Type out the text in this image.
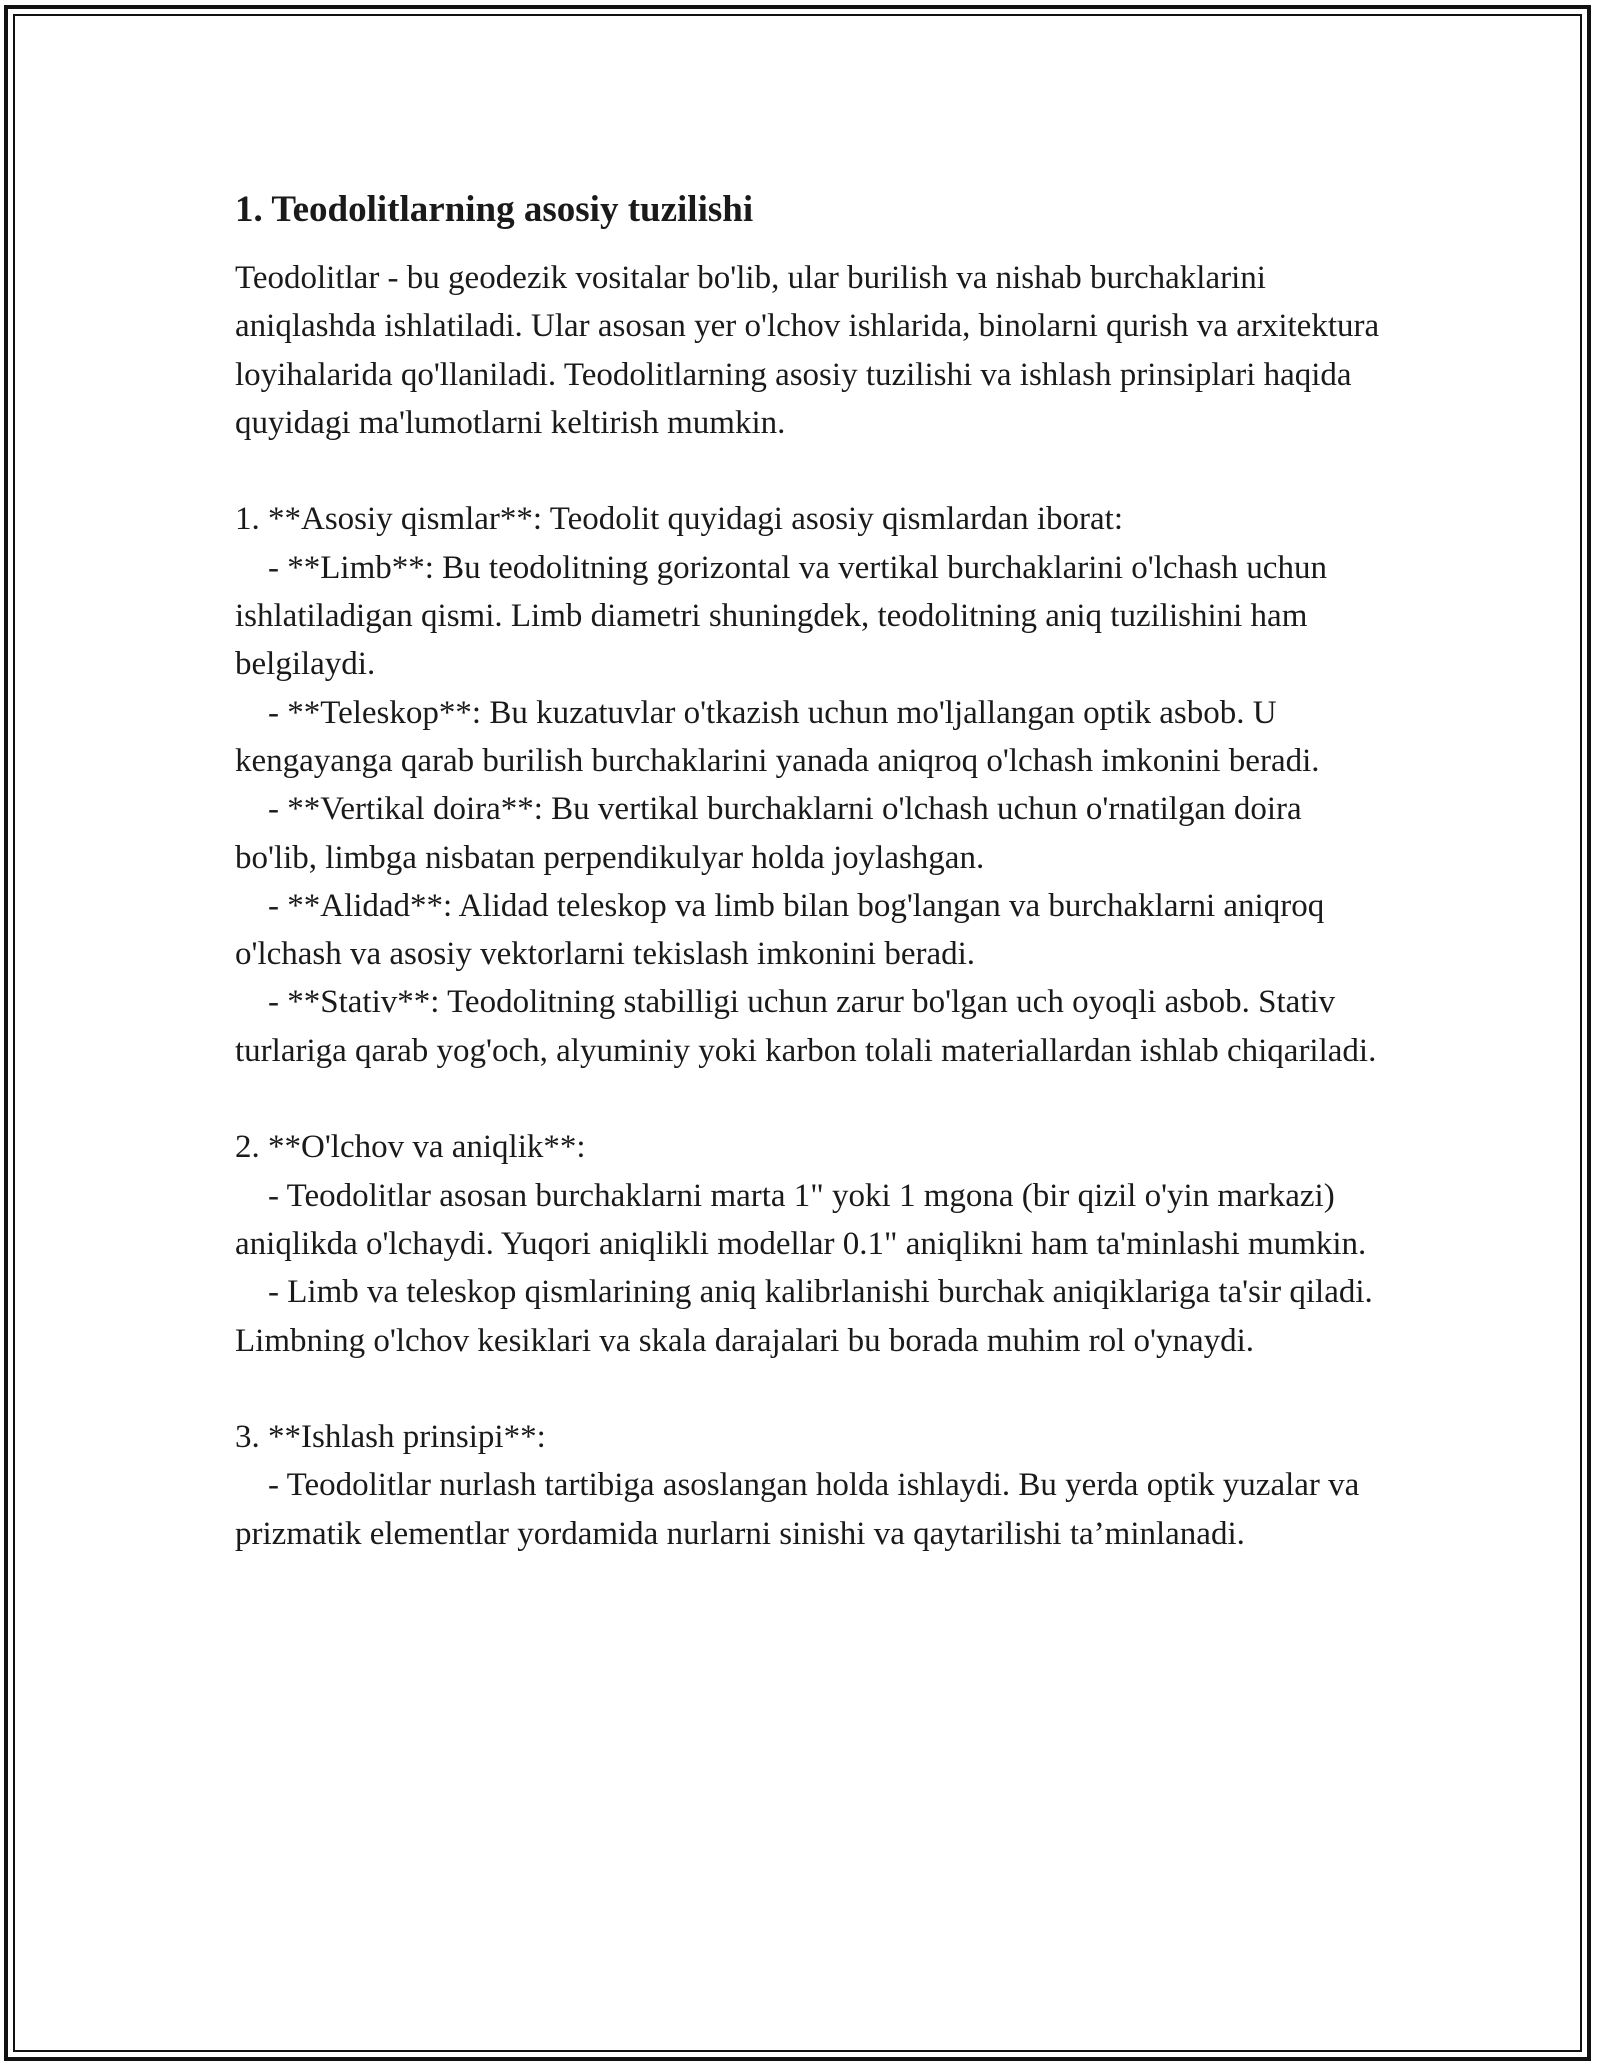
1. Teodolitlarning asosiy tuzilishi

Teodolitlar - bu geodezik vositalar bo'lib, ular burilish va nishab burchaklarini aniqlashda ishlatiladi. Ular asosan yer o'lchov ishlarida, binolarni qurish va arxitektura loyihalarida qo'llaniladi. Teodolitlarning asosiy tuzilishi va ishlash prinsiplari haqida quyidagi ma'lumotlarni keltirish mumkin.

1. **Asosiy qismlar**: Teodolit quyidagi asosiy qismlardan iborat:

- **Limb**: Bu teodolitning gorizontal va vertikal burchaklarini o'lchash uchun ishlatiladigan qismi. Limb diametri shuningdek, teodolitning aniq tuzilishini ham belgilaydi.

- **Teleskop**: Bu kuzatuvlar o'tkazish uchun mo'ljallangan optik asbob. U kengayanga qarab burilish burchaklarini yanada aniqroq o'lchash imkonini beradi.

- **Vertikal doira**: Bu vertikal burchaklarni o'lchash uchun o'rnatilgan doira bo'lib, limbga nisbatan perpendikulyar holda joylashgan.

- **Alidad**: Alidad teleskop va limb bilan bog'langan va burchaklarni aniqroq o'lchash va asosiy vektorlarni tekislash imkonini beradi.

- **Stativ**: Teodolitning stabilligi uchun zarur bo'lgan uch oyoqli asbob. Stativ turlariga qarab yog'och, alyuminiy yoki karbon tolali materiallardan ishlab chiqariladi.

2. **O'lchov va aniqlik**:

- Teodolitlar asosan burchaklarni marta 1" yoki 1 mgona (bir qizil o'yin markazi) aniqlikda o'lchaydi. Yuqori aniqlikli modellar 0.1" aniqlikni ham ta'minlashi mumkin.

- Limb va teleskop qismlarining aniq kalibrlanishi burchak aniqiklariga ta'sir qiladi. Limbning o'lchov kesiklari va skala darajalari bu borada muhim rol o'ynaydi.

3. **Ishlash prinsipi**:

- Teodolitlar nurlash tartibiga asoslangan holda ishlaydi. Bu yerda optik yuzalar va prizmatik elementlar yordamida nurlarni sinishi va qaytarilishi ta’minlanadi.
